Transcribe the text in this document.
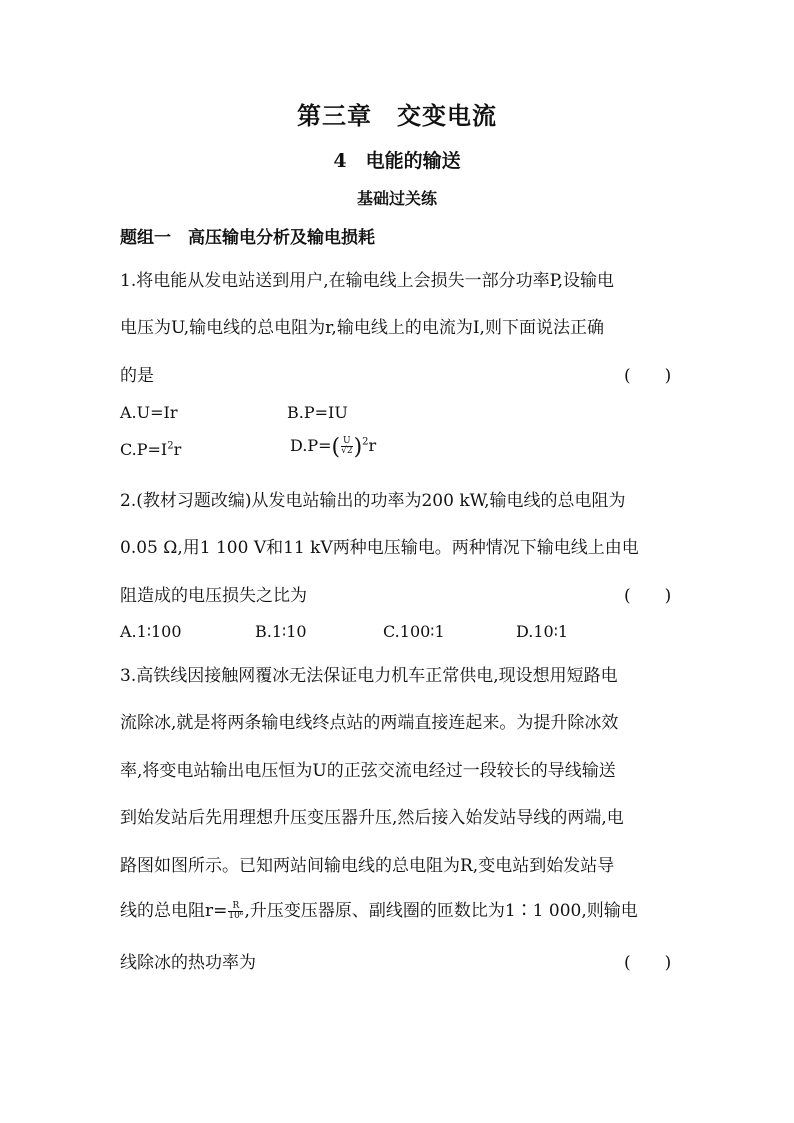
第三章　交变电流
4　电能的输送
基础过关练
题组一　高压输电分析及输电损耗
1.将电能从发电站送到用户,在输电线上会损失一部分功率P,设输电
电压为U,输电线的总电阻为r,输电线上的电流为I,则下面说法正确
的是	(　　)
A.U=Ir	B.P=IU
$C.P=I^2r$	$D.P=( \frac{U}{√2} )^2r$
2.(教材习题改编)从发电站输出的功率为200 kW,输电线的总电阻为
0.05 Ω,用1 100 V和11 kV两种电压输电。两种情况下输电线上由电
阻造成的电压损失之比为	(　　)
A.1∶100	B.1∶10	C.100∶1	D.10∶1
3.高铁线因接触网覆冰无法保证电力机车正常供电,现设想用短路电
流除冰,就是将两条输电线终点站的两端直接连起来。为提升除冰效
率,将变电站输出电压恒为U的正弦交流电经过一段较长的导线输送
到始发站后先用理想升压变压器升压,然后接入始发站导线的两端,电
路图如图所示。已知两站间输电线的总电阻为R,变电站到始发站导
线的总电阻$r= \frac{R}{\text{10⁶}}$ ,升压变压器原、副线圈的匝数比为1∶1 000,则输电
线除冰的热功率为	(　　)
